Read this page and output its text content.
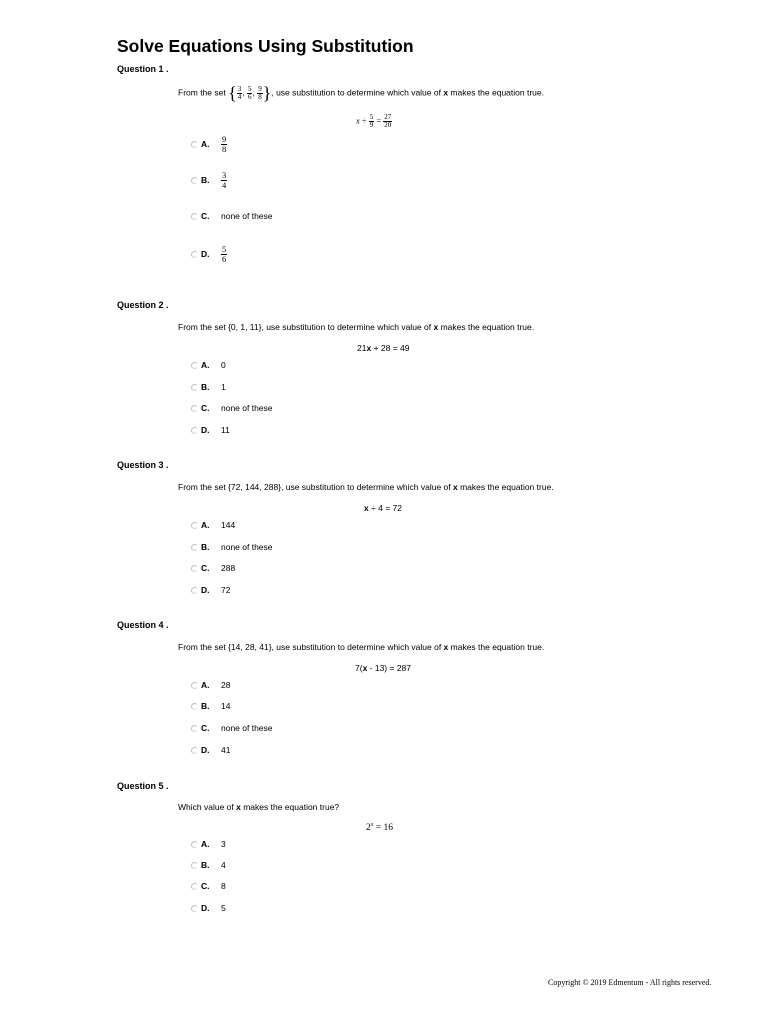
Solve Equations Using Substitution
Question 1 .
From the set { $\frac{3}{4}$ , $\frac{5}{6}$ , $\frac{9}{8}$ }, use substitution to determine which value of x makes the equation true.
$x \div \frac{5}{9} = \frac{27}{20}$
A.	$\frac{9}{8}$
B.	$\frac{3}{4}$
C.	none of these
D.	$\frac{5}{6}$
Question 2 .
From the set {0, 1, 11}, use substitution to determine which value of x makes the equation true.
21x + 28 = 49
A.	0
B.	1
C.	none of these
D.	11
Question 3 .
From the set {72, 144, 288}, use substitution to determine which value of x makes the equation true.
x ÷ 4 = 72
A.	144
B.	none of these
C.	288
D.	72
Question 4 .
From the set {14, 28, 41}, use substitution to determine which value of x makes the equation true.
7(x - 13) = 287
A.	28
B.	14
C.	none of these
D.	41
Question 5 .
Which value of x makes the equation true?
$2^x = 16$
A.	3
B.	4
C.	8
D.	5
Copyright © 2019 Edmentum - All rights reserved.
